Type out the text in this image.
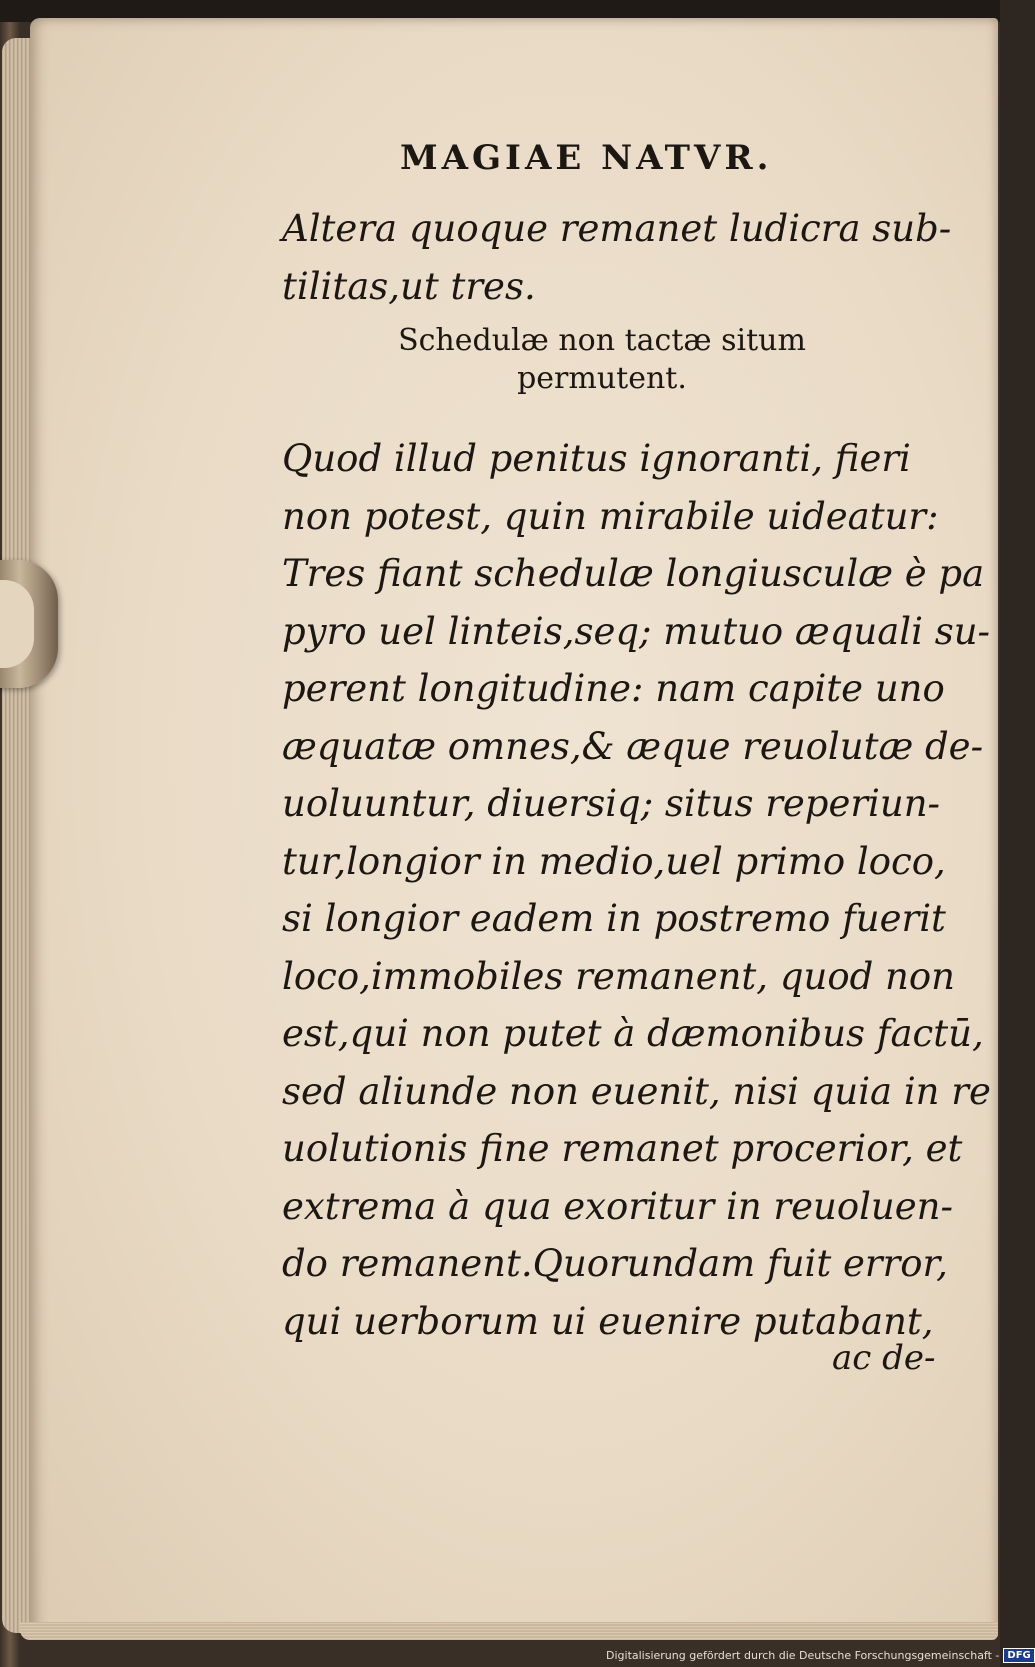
MAGIAE NATVR.
Altera quoque remanet ludicra sub-
tilitas,ut tres.
Schedulæ non tactæ situm
permutent.
Quod illud penitus ignoranti, fieri
non potest, quin mirabile uideatur:
Tres fiant schedulæ longiusculæ è pa
pyro uel linteis,seq; mutuo æquali su-
perent longitudine: nam capite uno
æquatæ omnes,& æque reuolutæ de-
uoluuntur, diuersiq; situs reperiun-
tur,longior in medio,uel primo loco,
si longior eadem in postremo fuerit
loco,immobiles remanent, quod non
est,qui non putet à dæmonibus factū,
sed aliunde non euenit, nisi quia in re
uolutionis fine remanet procerior, et
extrema à qua exoritur in reuoluen-
do remanent.Quorundam fuit error,
qui uerborum ui euenire putabant,
ac de-
Digitalisierung gefördert durch die Deutsche Forschungsgemeinschaft - DFG
